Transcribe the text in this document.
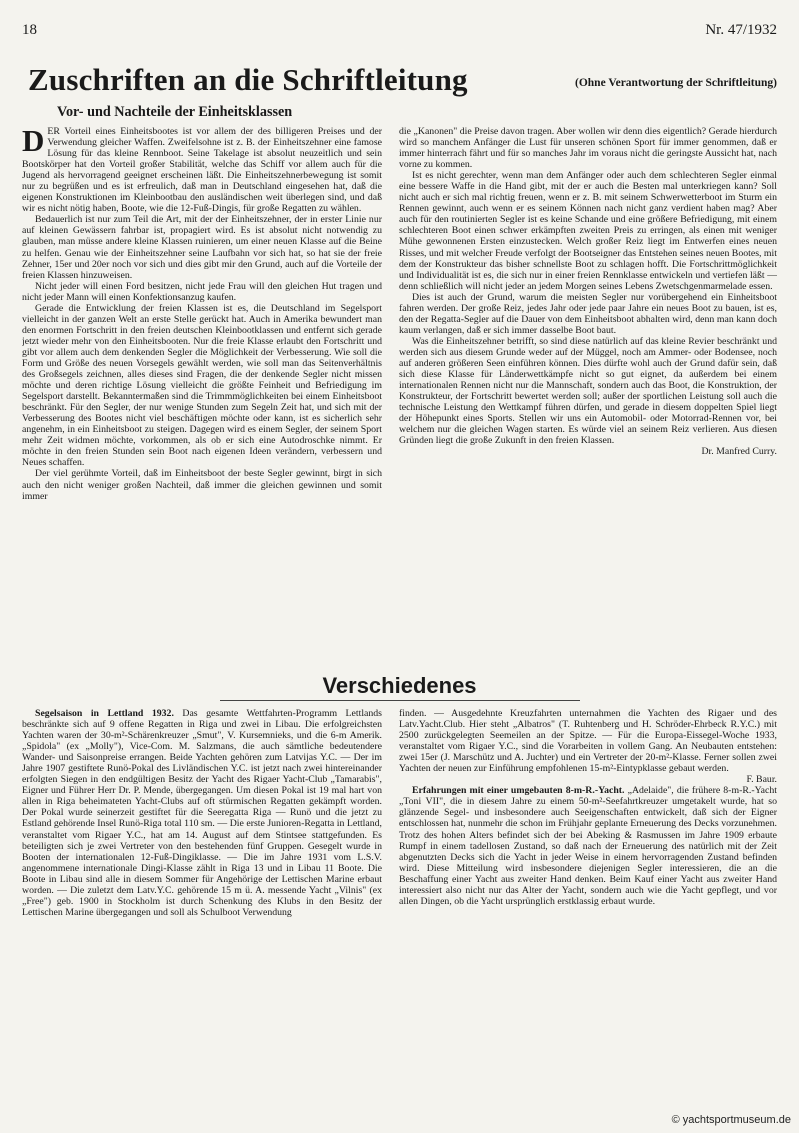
18	Nr. 47/1932
Zuschriften an die Schriftleitung	(Ohne Verantwortung der Schriftleitung)
Vor- und Nachteile der Einheitsklassen

DER Vorteil eines Einheitsbootes ist vor allem der des billigeren Preises und der Verwendung gleicher Waffen. Zweifelsohne ist z. B. der Einheitszehner eine famose Lösung für das kleine Rennboot. Seine Takelage ist absolut neuzeitlich und sein Bootskörper hat den Vorteil großer Stabilität, welche das Schiff vor allem auch für die Jugend als hervorragend geeignet erscheinen läßt. Die Einheitszehnerbewegung ist somit nur zu begrüßen und es ist erfreulich, daß man in Deutschland eingesehen hat, daß die eigenen Konstruktionen im Kleinbootbau den ausländischen weit überlegen sind, und daß wir es nicht nötig haben, Boote, wie die 12-Fuß-Dingis, für große Regatten zu wählen.

Bedauerlich ist nur zum Teil die Art, mit der der Einheitszehner, der in erster Linie nur auf kleinen Gewässern fahrbar ist, propagiert wird. Es ist absolut nicht notwendig zu glauben, man müsse andere kleine Klassen ruinieren, um einer neuen Klasse auf die Beine zu helfen. Genau wie der Einheitszehner seine Laufbahn vor sich hat, so hat sie der freie Zehner, 15er und 20er noch vor sich und dies gibt mir den Grund, auch auf die Vorteile der freien Klassen hinzuweisen.

Nicht jeder will einen Ford besitzen, nicht jede Frau will den gleichen Hut tragen und nicht jeder Mann will einen Konfektionsanzug kaufen.

Gerade die Entwicklung der freien Klassen ist es, die Deutschland im Segelsport vielleicht in der ganzen Welt an erste Stelle gerückt hat. Auch in Amerika bewundert man den enormen Fortschritt in den freien deutschen Kleinbootklassen und entfernt sich gerade jetzt wieder mehr von den Einheitsbooten. Nur die freie Klasse erlaubt den Fortschritt und gibt vor allem auch dem denkenden Segler die Möglichkeit der Verbesserung. Wie soll die Form und Größe des neuen Vorsegels gewählt werden, wie soll man das Seitenverhältnis des Großsegels zeichnen, alles dieses sind Fragen, die der denkende Segler nicht missen möchte und deren richtige Lösung vielleicht die größte Feinheit und Befriedigung im Segelsport darstellt. Bekanntermaßen sind die Trimmmöglichkeiten bei einem Einheitsboot beschränkt. Für den Segler, der nur wenige Stunden zum Segeln Zeit hat, und sich mit der Verbesserung des Bootes nicht viel beschäftigen möchte oder kann, ist es sicherlich sehr angenehm, in ein Einheitsboot zu steigen. Dagegen wird es einem Segler, der seinem Sport mehr Zeit widmen möchte, vorkommen, als ob er sich eine Autodroschke nimmt. Er möchte in den freien Stunden sein Boot nach eigenen Ideen verändern, verbessern und Neues schaffen.

Der viel gerühmte Vorteil, daß im Einheitsboot der beste Segler gewinnt, birgt in sich auch den nicht weniger großen Nachteil, daß immer die gleichen gewinnen und somit immer

die „Kanonen" die Preise davon tragen. Aber wollen wir denn dies eigentlich? Gerade hierdurch wird so manchem Anfänger die Lust für unseren schönen Sport für immer genommen, daß er immer hinterrach fährt und für so manches Jahr im voraus nicht die geringste Aussicht hat, nach vorne zu kommen.

Ist es nicht gerechter, wenn man dem Anfänger oder auch dem schlechteren Segler einmal eine bessere Waffe in die Hand gibt, mit der er auch die Besten mal unterkriegen kann? Soll nicht auch er sich mal richtig freuen, wenn er z. B. mit seinem Schwerwetterboot im Sturm ein Rennen gewinnt, auch wenn er es seinem Können nach nicht ganz verdient haben mag? Aber auch für den routinierten Segler ist es keine Schande und eine größere Befriedigung, mit einem schlechteren Boot einen schwer erkämpften zweiten Preis zu erringen, als einen mit weniger Mühe gewonnenen Ersten einzustecken. Welch großer Reiz liegt im Entwerfen eines neuen Risses, und mit welcher Freude verfolgt der Bootseigner das Entstehen seines neuen Bootes, mit dem der Konstrukteur das bisher schnellste Boot zu schlagen hofft. Die Fortschrittmöglichkeit und Individualität ist es, die sich nur in einer freien Rennklasse entwickeln und vertiefen läßt — denn schließlich will nicht jeder an jedem Morgen seines Lebens Zwetschgenmarmelade essen.

Dies ist auch der Grund, warum die meisten Segler nur vorübergehend ein Einheitsboot fahren werden. Der große Reiz, jedes Jahr oder jede paar Jahre ein neues Boot zu bauen, ist es, den der Regatta-Segler auf die Dauer von dem Einheitsboot abhalten wird, denn man kann doch kaum verlangen, daß er sich immer dasselbe Boot baut.

Was die Einheitszehner betrifft, so sind diese natürlich auf das kleine Revier beschränkt und werden sich aus diesem Grunde weder auf der Müggel, noch am Ammer- oder Bodensee, noch auf anderen größeren Seen einführen können. Dies dürfte wohl auch der Grund dafür sein, daß sich diese Klasse für Länderwettkämpfe nicht so gut eignet, da außerdem bei einem internationalen Rennen nicht nur die Mannschaft, sondern auch das Boot, die Konstruktion, der Konstrukteur, der Fortschritt bewertet werden soll; außer der sportlichen Leistung soll auch die technische Leistung den Wettkampf führen dürfen, und gerade in diesem doppelten Spiel liegt der Höhepunkt eines Sports. Stellen wir uns ein Automobil- oder Motorrad-Rennen vor, bei welchem nur die gleichen Wagen starten. Es würde viel an seinem Reiz verlieren. Aus diesen Gründen liegt die große Zukunft in den freien Klassen.

Dr. Manfred Curry.

Verschiedenes

Segelsaison in Lettland 1932. Das gesamte Wettfahrten-Programm Lettlands beschränkte sich auf 9 offene Regatten in Riga und zwei in Libau. Die erfolgreichsten Yachten waren der 30-m²-Schärenkreuzer „Smut", V. Kursemnieks, und die 6-m Amerik. „Spidola" (ex „Molly"), Vice-Com. M. Salzmans, die auch sämtliche bedeutendere Wander- und Saisonpreise errangen. Beide Yachten gehören zum Latvijas Y.C. — Der im Jahre 1907 gestiftete Runö-Pokal des Livländischen Y.C. ist jetzt nach zwei hintereinander erfolgten Siegen in den endgültigen Besitz der Yacht des Rigaer Yacht-Club „Tamarabis", Eigner und Führer Herr Dr. P. Mende, übergegangen. Um diesen Pokal ist 19 mal hart von allen in Riga beheimateten Yacht-Clubs auf oft stürmischen Regatten gekämpft worden. Der Pokal wurde seinerzeit gestiftet für die Seeregatta Riga — Runö und die jetzt zu Estland gehörende Insel Runö-Riga total 110 sm. — Die erste Junioren-Regatta in Lettland, veranstaltet vom Rigaer Y.C., hat am 14. August auf dem Stintsee stattgefunden. Es beteiligten sich je zwei Vertreter von den bestehenden fünf Gruppen. Gesegelt wurde in Booten der internationalen 12-Fuß-Dingiklasse. — Die im Jahre 1931 vom L.S.V. angenommene internationale Dingi-Klasse zählt in Riga 13 und in Libau 11 Boote. Die Boote in Libau sind alle in diesem Sommer für Angehörige der Lettischen Marine erbaut worden. — Die zuletzt dem Latv.Y.C. gehörende 15 m ü. A. messende Yacht „Vilnis" (ex „Free") geb. 1900 in Stockholm ist durch Schenkung des Klubs in den Besitz der Lettischen Marine übergegangen und soll als Schulboot Verwendung

finden. — Ausgedehnte Kreuzfahrten unternahmen die Yachten des Rigaer und des Latv.Yacht.Club. Hier steht „Albatros" (T. Ruhtenberg und H. Schröder-Ehrbeck R.Y.C.) mit 2500 zurückgelegten Seemeilen an der Spitze. — Für die Europa-Eissegel-Woche 1933, veranstaltet vom Rigaer Y.C., sind die Vorarbeiten in vollem Gang. An Neubauten entstehen: zwei 15er (J. Marschütz und A. Juchter) und ein Vertreter der 20-m²-Klasse. Ferner sollen zwei Yachten der neuen zur Einführung empfohlenen 15-m²-Eintypklasse gebaut werden.

F. Baur.

Erfahrungen mit einer umgebauten 8-m-R.-Yacht. „Adelaide", die frühere 8-m-R.-Yacht „Toni VII", die in diesem Jahre zu einem 50-m²-Seefahrtkreuzer umgetakelt wurde, hat so glänzende Segel- und insbesondere auch Seeigenschaften entwickelt, daß sich der Eigner entschlossen hat, nunmehr die schon im Frühjahr geplante Erneuerung des Decks vorzunehmen. Trotz des hohen Alters befindet sich der bei Abeking & Rasmussen im Jahre 1909 erbaute Rumpf in einem tadellosen Zustand, so daß nach der Erneuerung des natürlich mit der Zeit abgenutzten Decks sich die Yacht in jeder Weise in einem hervorragenden Zustand befinden wird. Diese Mitteilung wird insbesondere diejenigen Segler interessieren, die an die Beschaffung einer Yacht aus zweiter Hand denken. Beim Kauf einer Yacht aus zweiter Hand interessiert also nicht nur das Alter der Yacht, sondern auch wie die Yacht gepflegt, und vor allen Dingen, ob die Yacht ursprünglich erstklassig erbaut wurde.

© yachtsportmuseum.de
